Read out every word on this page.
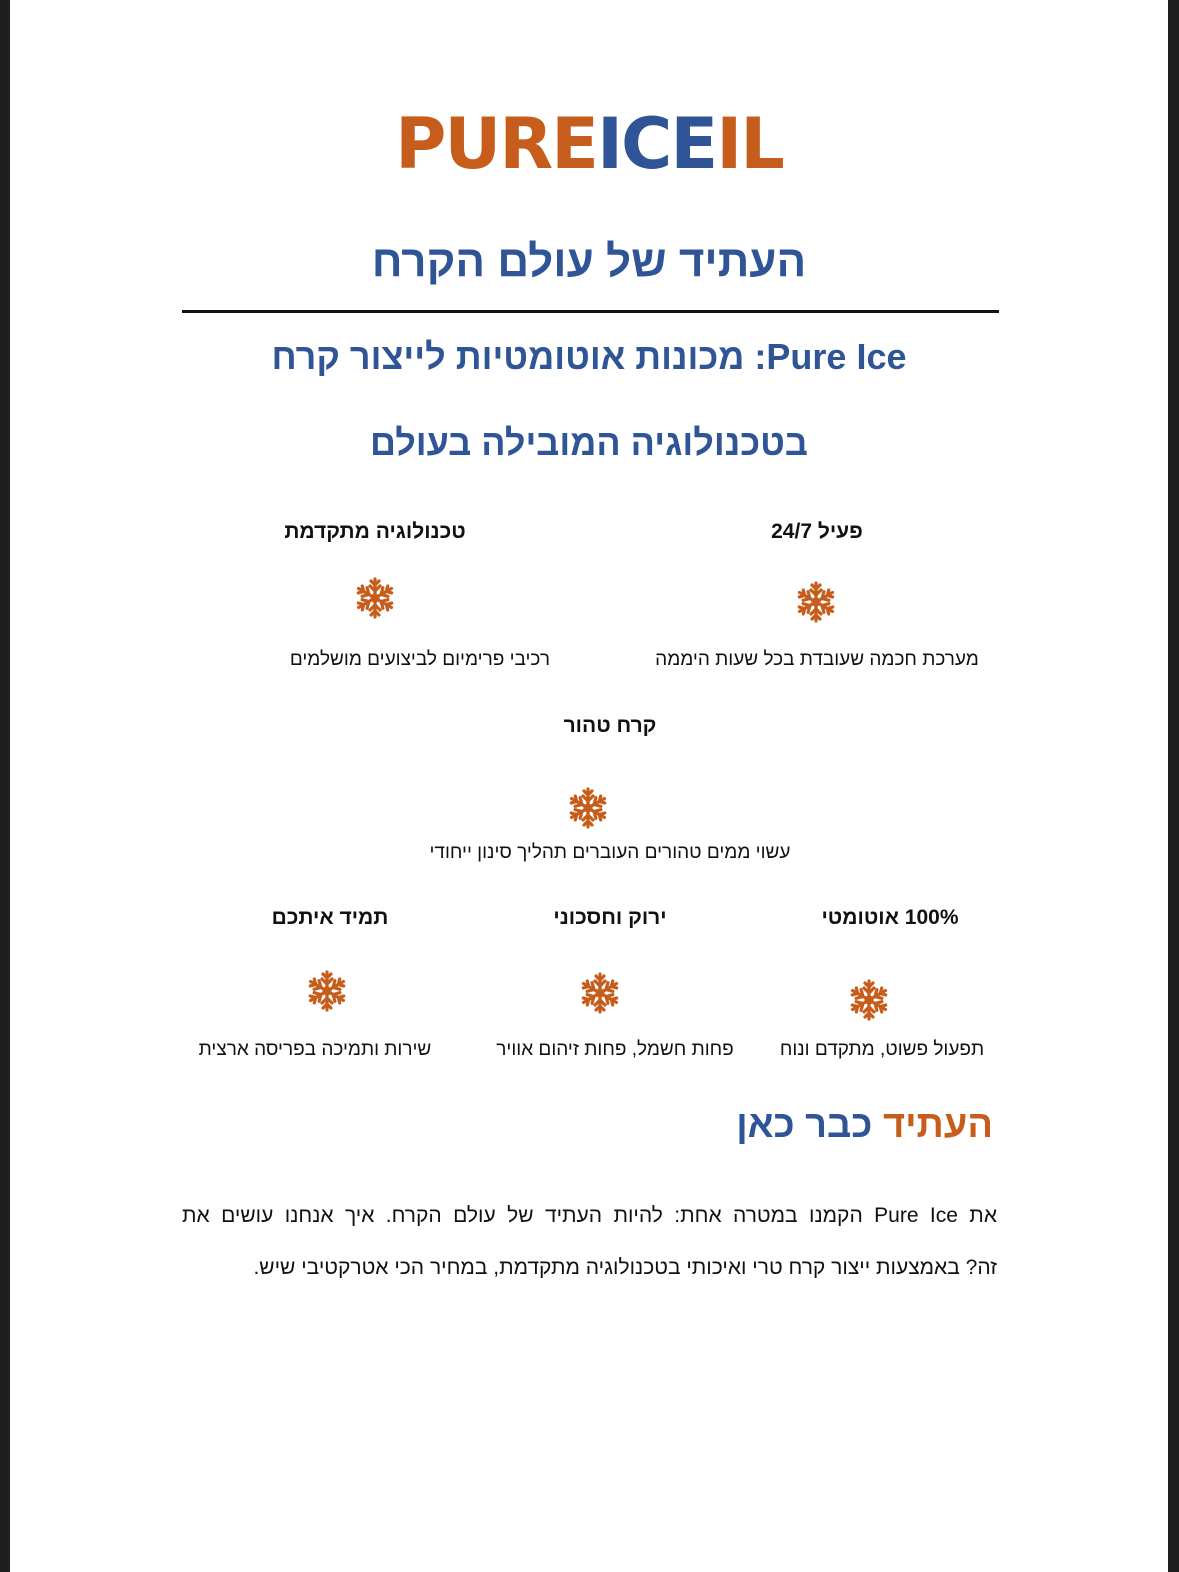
PUREICEIL
העתיד של עולם הקרח
Pure Ice: מכונות אוטומטיות לייצור קרח
בטכנולוגיה המובילה בעולם
פעיל 24/7
מערכת חכמה שעובדת בכל שעות היממה
טכנולוגיה מתקדמת
רכיבי פרימיום לביצועים מושלמים
קרח טהור
עשוי ממים טהורים העוברים תהליך סינון ייחודי
100% אוטומטי
תפעול פשוט, מתקדם ונוח
ירוק וחסכוני
פחות חשמל, פחות זיהום אוויר
תמיד איתכם
שירות ותמיכה בפריסה ארצית
העתיד כבר כאן
את Pure Ice הקמנו במטרה אחת: להיות העתיד של עולם הקרח. איך אנחנו עושים את
זה? באמצעות ייצור קרח טרי ואיכותי בטכנולוגיה מתקדמת, במחיר הכי אטרקטיבי שיש.
